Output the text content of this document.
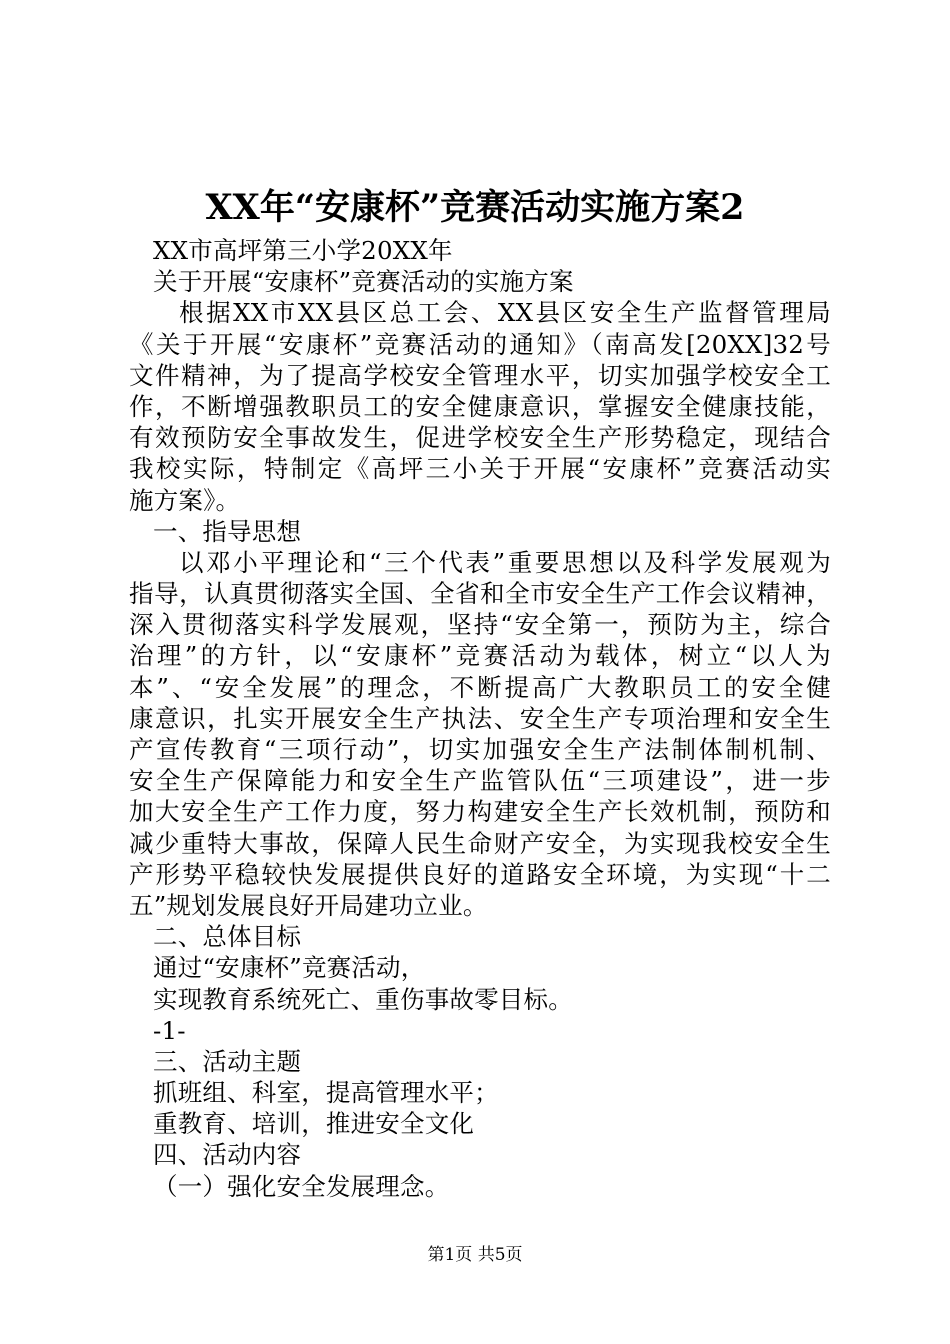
XX年“安康杯”竞赛活动实施方案2
XX市高坪第三小学20XX年
关于开展“安康杯”竞赛活动的实施方案
根据XX市XX县区总工会、XX县区安全生产监督管理局
《关于开展“安康杯”竞赛活动的通知》（南高发[20XX]32号
文件精神，为了提高学校安全管理水平，切实加强学校安全工
作，不断增强教职员工的安全健康意识，掌握安全健康技能，
有效预防安全事故发生，促进学校安全生产形势稳定，现结合
我校实际，特制定《高坪三小关于开展“安康杯”竞赛活动实
施方案》。
一、指导思想
以邓小平理论和“三个代表”重要思想以及科学发展观为
指导，认真贯彻落实全国、全省和全市安全生产工作会议精神，
深入贯彻落实科学发展观，坚持“安全第一，预防为主，综合
治理”的方针，以“安康杯”竞赛活动为载体，树立“以人为
本”、“安全发展”的理念，不断提高广大教职员工的安全健
康意识，扎实开展安全生产执法、安全生产专项治理和安全生
产宣传教育“三项行动”，切实加强安全生产法制体制机制、
安全生产保障能力和安全生产监管队伍“三项建设”，进一步
加大安全生产工作力度，努力构建安全生产长效机制，预防和
减少重特大事故，保障人民生命财产安全，为实现我校安全生
产形势平稳较快发展提供良好的道路安全环境，为实现“十二
五”规划发展良好开局建功立业。
二、总体目标
通过“安康杯”竞赛活动，
实现教育系统死亡、重伤事故零目标。
-1-
三、活动主题
抓班组、科室，提高管理水平；
重教育、培训，推进安全文化
四、活动内容
（一）强化安全发展理念。
第1页 共5页
